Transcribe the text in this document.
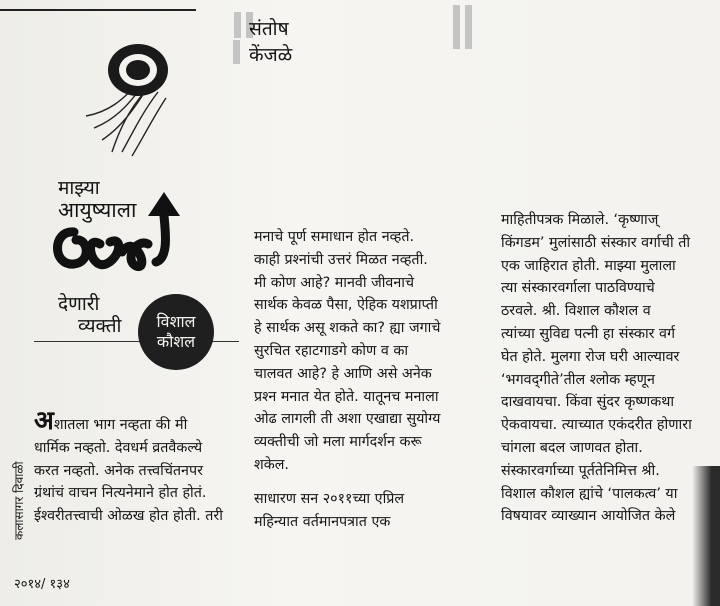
संतोष
केंजळे
माझ्या
आयुष्याला
देणारी
व्यक्ती विशाल
कौशल
अशातला भाग नव्हता की मी
धार्मिक नव्हतो. देवधर्म व्रतवैकल्ये
करत नव्हतो. अनेक तत्त्वचिंतनपर
ग्रंथांचं वाचन नित्यनेमाने होत होतं.
ईश्‍वरीतत्त्वाची ओळख होत होती. तरी
मनाचे पूर्ण समाधान होत नव्हते.
काही प्रश्‍नांची उत्तरं मिळत नव्हती.
मी कोण आहे? मानवी जीवनाचे
सार्थक केवळ पैसा, ऐहिक यशप्राप्ती
हे सार्थक असू शकते का? ह्या जगाचे
सुरचित रहाटगाडगे कोण व का
चालवत आहे? हे आणि असे अनेक
प्रश्‍न मनात येत होते. यातूनच मनाला
ओढ लागली ती अशा एखाद्या सुयोग्य
व्यक्तीची जो मला मार्गदर्शन करू
शकेल.
साधारण सन २०११च्या एप्रिल
महिन्यात वर्तमानपत्रात एक
माहितीपत्रक मिळाले. ‘कृष्णाज्
किंगडम’ मुलांसाठी संस्कार वर्गाची ती
एक जाहिरात होती. माझ्या मुलाला
त्या संस्कारवर्गाला पाठविण्याचे
ठरवले. श्री. विशाल कौशल व
त्यांच्या सुविद्य पत्नी हा संस्कार वर्ग
घेत होते. मुलगा रोज घरी आल्यावर
‘भगवद्‍गीते’तील श्‍लोक म्हणून
दाखवायचा. किंवा सुंदर कृष्णकथा
ऐकवायचा. त्याच्यात एकंदरीत होणारा
चांगला बदल जाणवत होता.
संस्कारवर्गाच्या पूर्ततेनिमित्त श्री.
विशाल कौशल ह्यांचे ‘पालकत्व’ या
विषयावर व्याख्यान आयोजित केले
कलासागर दिवाळी
२०१४/ १३४
